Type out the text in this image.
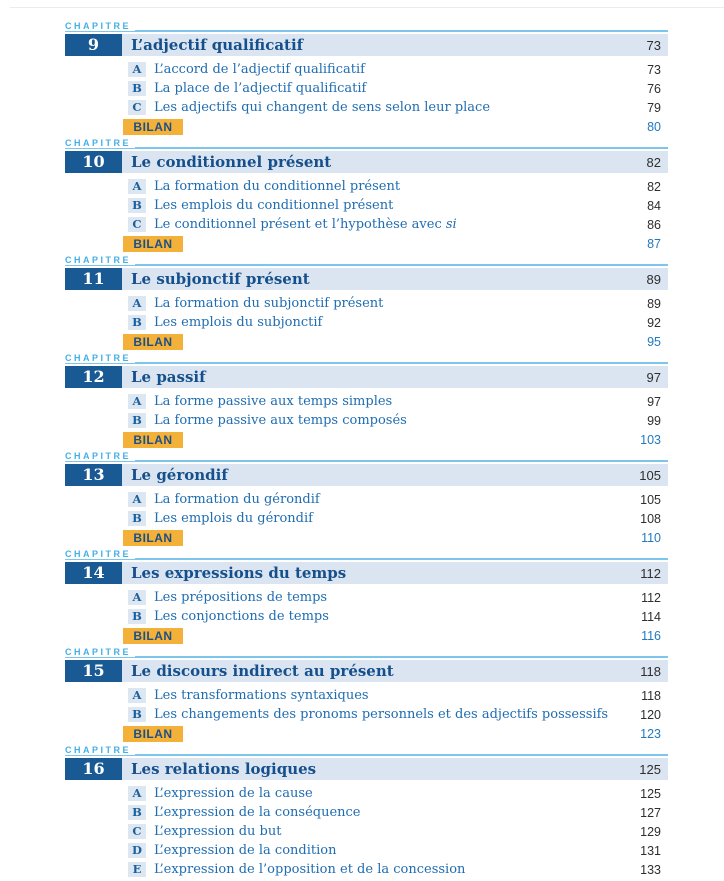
CHAPITRE
9	L’adjectif qualificatif	73
A L’accord de l’adjectif qualificatif	73
B La place de l’adjectif qualificatif	76
C Les adjectifs qui changent de sens selon leur place	79
BILAN	80
CHAPITRE
10	Le conditionnel présent	82
A La formation du conditionnel présent	82
B Les emplois du conditionnel présent	84
C Le conditionnel présent et l’hypothèse avec si	86
BILAN	87
CHAPITRE
11	Le subjonctif présent	89
A La formation du subjonctif présent	89
B Les emplois du subjonctif	92
BILAN	95
CHAPITRE
12	Le passif	97
A La forme passive aux temps simples	97
B La forme passive aux temps composés	99
BILAN	103
CHAPITRE
13	Le gérondif	105
A La formation du gérondif	105
B Les emplois du gérondif	108
BILAN	110
CHAPITRE
14	Les expressions du temps	112
A Les prépositions de temps	112
B Les conjonctions de temps	114
BILAN	116
CHAPITRE
15	Le discours indirect au présent	118
A Les transformations syntaxiques	118
B Les changements des pronoms personnels et des adjectifs possessifs	120
BILAN	123
CHAPITRE
16	Les relations logiques	125
A L’expression de la cause	125
B L’expression de la conséquence	127
C L’expression du but	129
D L’expression de la condition	131
E L’expression de l’opposition et de la concession	133
